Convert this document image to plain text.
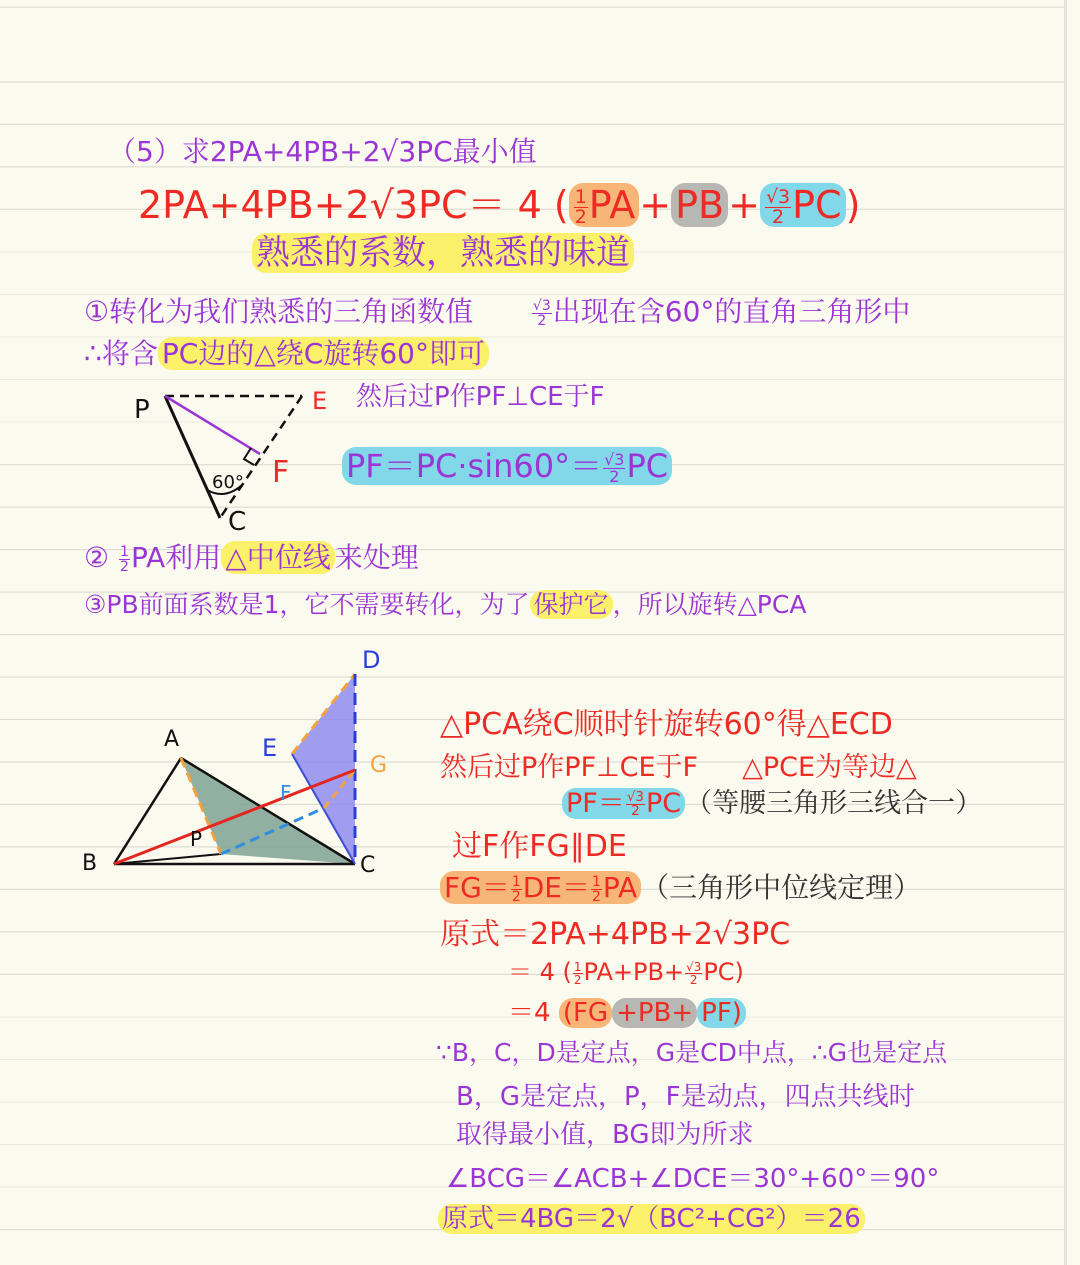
（5）求2PA+4PB+2√3PC最小值
2PA+4PB+2√3PC＝ 4 ( $\frac{1}{2}$ PA + PB + $\frac{√3}{2}$ PC )
熟悉的系数，熟悉的味道
①转化为我们熟悉的三角函数值	$\frac{√3}{2}$ 出现在含60°的直角三角形中
∴将含 PC边的△绕C旋转60°即可
P	E
F
C
60°
然后过P作PF⊥CE于F
$PF=PC\cdot\sin 60^\circ= \frac{√3}{2}$ PC
② $\frac{1}{2}$ PA利用 △中位线 来处理
③PB前面系数是1，它不需要转化，为了 保护它 ，所以旋转△PCA
A
B	C
D
E
F
G
P
△PCA绕C顺时针旋转60°得△ECD
然后过P作PF⊥CE于F △PCE为等边△
$PF= \frac{√3}{2}$ PC （等腰三角形三线合一）
过F作FG∥DE
$FG= \frac{1}{2} DE= \frac{1}{2}$ PA （三角形中位线定理）
原式＝2PA+4PB+2√3PC
＝ 4 ( $\frac{1}{2} PA+PB+ \frac{√3}{2} PC$)
＝4 (FG +PB+ PF)
∵B，C，D是定点，G是CD中点，∴G也是定点
B，G是定点，P，F是动点，四点共线时
取得最小值，BG即为所求
∠BCG＝∠ACB+∠DCE＝30°+60°＝90°
原式＝4BG＝2√（BC²+CG²）＝26
